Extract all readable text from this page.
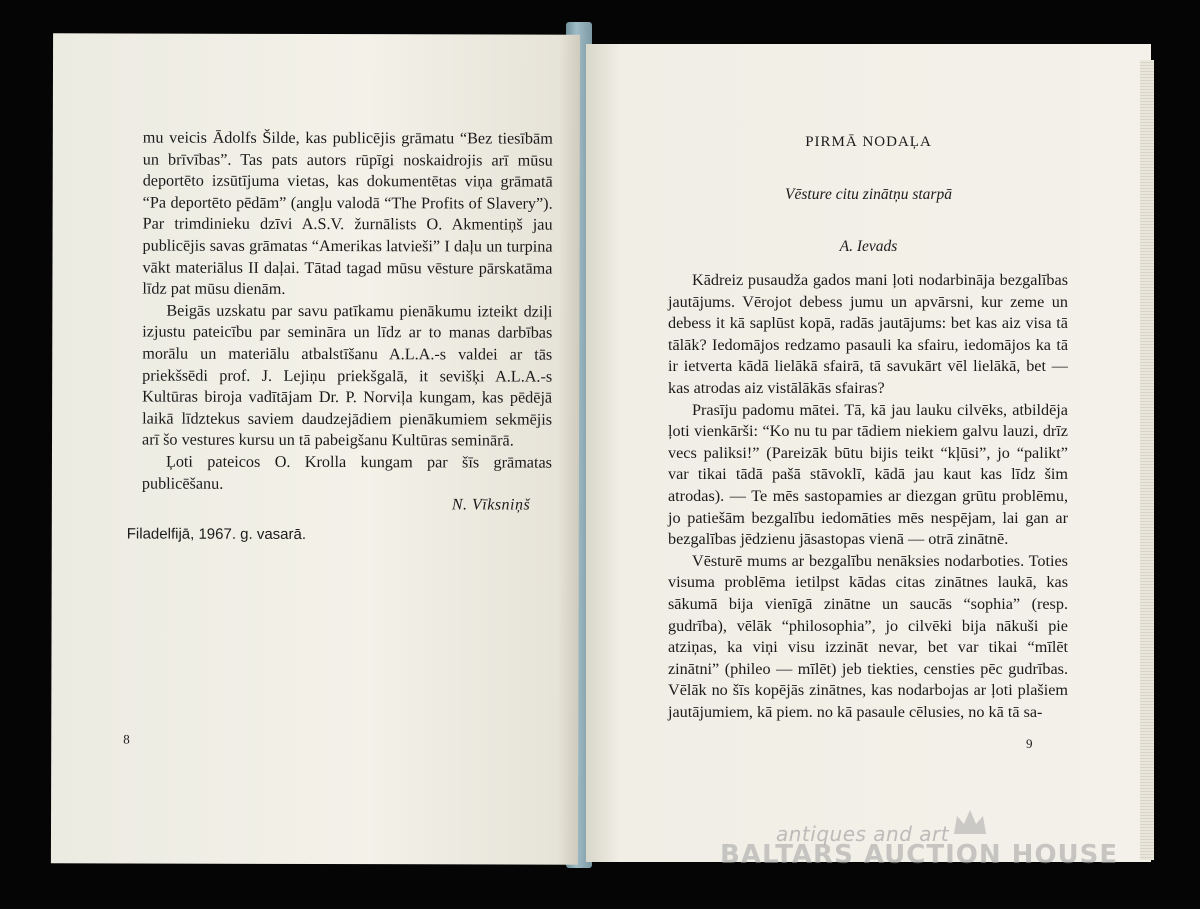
mu veicis Ādolfs Šilde, kas publicējis grāmatu “Bez tiesībām un brīvības”. Tas pats autors rūpīgi noskaidrojis arī mūsu deportēto izsūtījuma vietas, kas dokumentētas viņa grāmatā “Pa deportēto pēdām” (angļu valodā “The Profits of Slavery”). Par trimdinieku dzīvi A.S.V. žurnālists O. Akmentiņš jau publicējis savas grāmatas “Amerikas latvieši” I daļu un turpina vākt materiālus II daļai. Tātad tagad mūsu vēsture pārskatāma līdz pat mūsu dienām.

Beigās uzskatu par savu patīkamu pienākumu izteikt dziļi izjustu pateicību par semināra un līdz ar to manas darbības morālu un materiālu atbalstīšanu A.L.A.-s valdei ar tās priekšsēdi prof. J. Lejiņu priekšgalā, it sevišķi A.L.A.-s Kultūras biroja vadītājam Dr. P. Norviļa kungam, kas pēdējā laikā līdztekus saviem daudzejādiem pienākumiem sekmējis arī šo vestures kursu un tā pabeigšanu Kultūras seminārā.

Ļoti pateicos O. Krolla kungam par šīs grāmatas publicēšanu.

N. Vīksniņš
Filadelfijā, 1967. g. vasarā.
8
PIRMĀ NODAĻA
Vēsture citu zinātņu starpā
A. Ievads

Kādreiz pusaudža gados mani ļoti nodarbināja bezgalības jautājums. Vērojot debess jumu un apvārsni, kur zeme un debess it kā saplūst kopā, radās jautājums: bet kas aiz visa tā tālāk? Iedomājos redzamo pasauli ka sfairu, iedomājos ka tā ir ietverta kādā lielākā sfairā, tā savukārt vēl lielākā, bet — kas atrodas aiz vistālākās sfairas?

Prasīju padomu mātei. Tā, kā jau lauku cilvēks, atbildēja ļoti vienkārši: “Ko nu tu par tādiem niekiem galvu lauzi, drīz vecs paliksi!” (Pareizāk būtu bijis teikt “kļūsi”, jo “palikt” var tikai tādā pašā stāvoklī, kādā jau kaut kas līdz šim atrodas). — Te mēs sastopamies ar diezgan grūtu problēmu, jo patiešām bezgalību iedomāties mēs nespējam, lai gan ar bezgalības jēdzienu jāsastopas vienā — otrā zinātnē.

Vēsturē mums ar bezgalību nenāksies nodarboties. Toties visuma problēma ietilpst kādas citas zinātnes laukā, kas sākumā bija vienīgā zinātne un saucās “sophia” (resp. gudrība), vēlāk “philosophia”, jo cilvēki bija nākuši pie atziņas, ka viņi visu izzināt nevar, bet var tikai “mīlēt zinātni” (phileo — mīlēt) jeb tiekties, censties pēc gudrības. Vēlāk no šīs kopējās zinātnes, kas nodarbojas ar ļoti plašiem jautājumiem, kā piem. no kā pasaule cēlusies, no kā tā sa-

9
antiques and art
BALTARS AUCTION HOUSE
